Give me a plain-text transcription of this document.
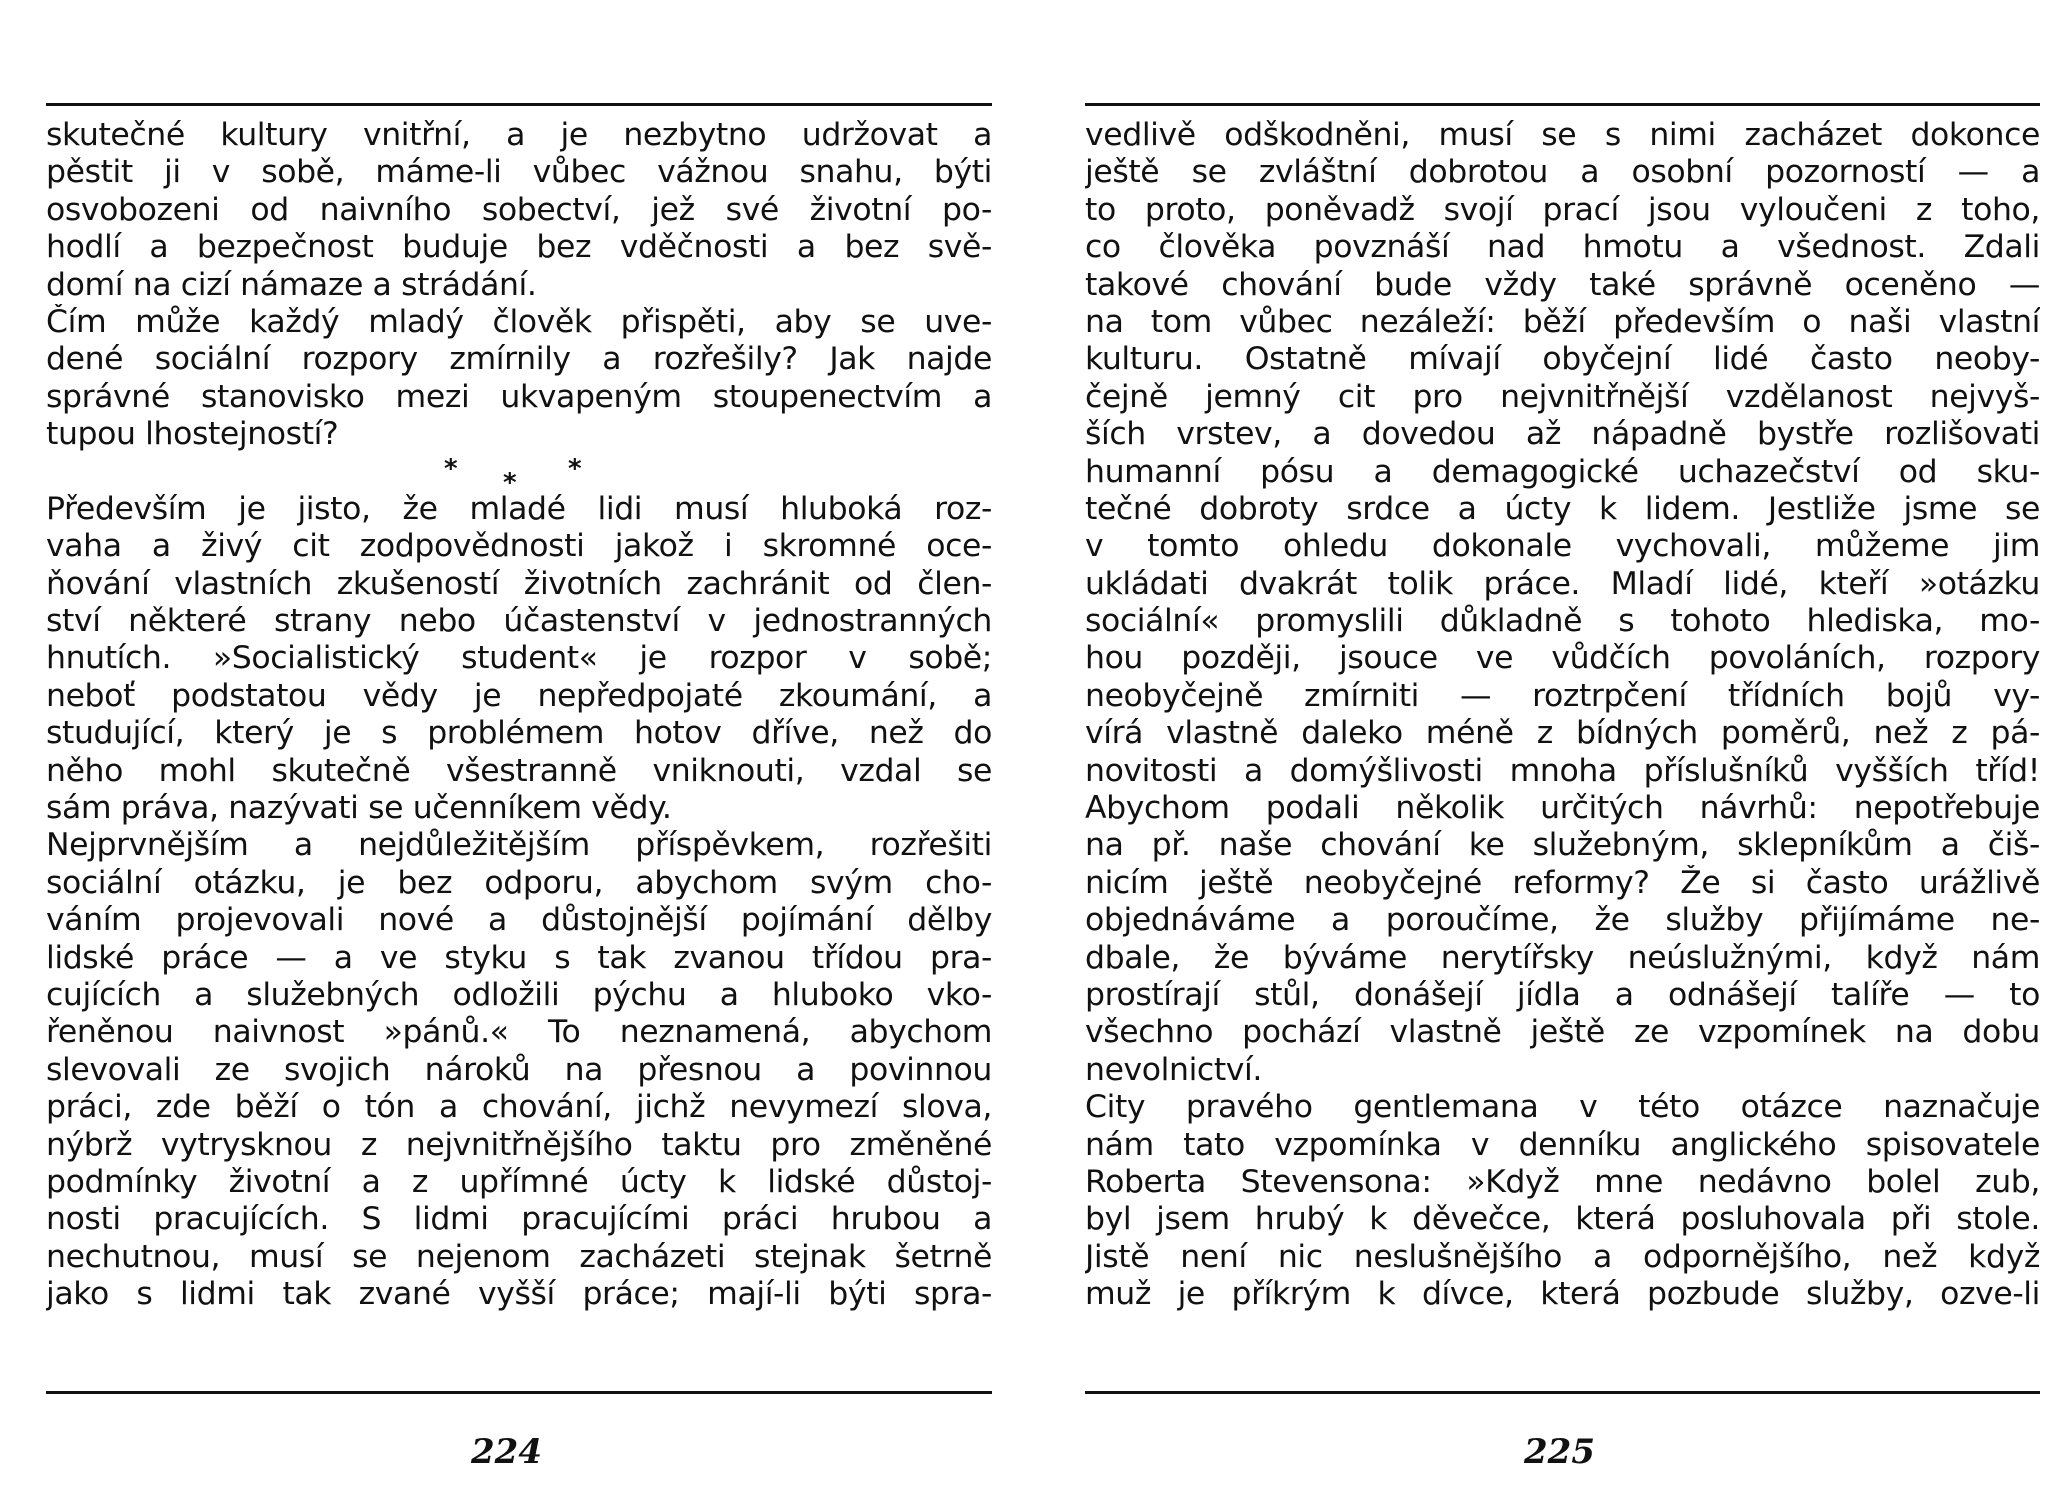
skutečné kultury vnitřní, a je nezbytno udržovat a
pěstit ji v sobě, máme-li vůbec vážnou snahu, býti
osvobozeni od naivního sobectví, jež své životní po-
hodlí a bezpečnost buduje bez vděčnosti a bez svě-
domí na cizí námaze a strádání.
Čím může každý mladý člověk přispěti, aby se uve-
dené sociální rozpory zmírnily a rozřešily? Jak najde
správné stanovisko mezi ukvapeným stoupenectvím a
tupou lhostejností?
* * *
Především je jisto, že mladé lidi musí hluboká roz-
vaha a živý cit zodpovědnosti jakož i skromné oce-
ňování vlastních zkušeností životních zachránit od člen-
ství některé strany nebo účastenství v jednostranných
hnutích. »Socialistický student« je rozpor v sobě;
neboť podstatou vědy je nepředpojaté zkoumání, a
studující, který je s problémem hotov dříve, než do
něho mohl skutečně všestranně vniknouti, vzdal se
sám práva, nazývati se učenníkem vědy.
Nejprvnějším a nejdůležitějším příspěvkem, rozřešiti
sociální otázku, je bez odporu, abychom svým cho-
váním projevovali nové a důstojnější pojímání dělby
lidské práce — a ve styku s tak zvanou třídou pra-
cujících a služebných odložili pýchu a hluboko vko-
řeněnou naivnost »pánů.« To neznamená, abychom
slevovali ze svojich nároků na přesnou a povinnou
práci, zde běží o tón a chování, jichž nevymezí slova,
nýbrž vytrysknou z nejvnitřnějšího taktu pro změněné
podmínky životní a z upřímné úcty k lidské důstoj-
nosti pracujících. S lidmi pracujícími práci hrubou a
nechutnou, musí se nejenom zacházeti stejnak šetrně
jako s lidmi tak zvané vyšší práce; mají-li býti spra-
224
vedlivě odškodněni, musí se s nimi zacházet dokonce
ještě se zvláštní dobrotou a osobní pozorností — a
to proto, poněvadž svojí prací jsou vyloučeni z toho,
co člověka povznáší nad hmotu a všednost. Zdali
takové chování bude vždy také správně oceněno —
na tom vůbec nezáleží: běží především o naši vlastní
kulturu. Ostatně mívají obyčejní lidé často neoby-
čejně jemný cit pro nejvnitřnější vzdělanost nejvyš-
ších vrstev, a dovedou až nápadně bystře rozlišovati
humanní pósu a demagogické uchazečství od sku-
tečné dobroty srdce a úcty k lidem. Jestliže jsme se
v tomto ohledu dokonale vychovali, můžeme jim
ukládati dvakrát tolik práce. Mladí lidé, kteří »otázku
sociální« promyslili důkladně s tohoto hlediska, mo-
hou později, jsouce ve vůdčích povoláních, rozpory
neobyčejně zmírniti — roztrpčení třídních bojů vy-
vírá vlastně daleko méně z bídných poměrů, než z pá-
novitosti a domýšlivosti mnoha příslušníků vyšších tříd!
Abychom podali několik určitých návrhů: nepotřebuje
na př. naše chování ke služebným, sklepníkům a čiš-
nicím ještě neobyčejné reformy? Že si často urážlivě
objednáváme a poroučíme, že služby přijímáme ne-
dbale, že býváme nerytířsky neúslužnými, když nám
prostírají stůl, donášejí jídla a odnášejí talíře — to
všechno pochází vlastně ještě ze vzpomínek na dobu
nevolnictví.
City pravého gentlemana v této otázce naznačuje
nám tato vzpomínka v denníku anglického spisovatele
Roberta Stevensona: »Když mne nedávno bolel zub,
byl jsem hrubý k děvečce, která posluhovala při stole.
Jistě není nic neslušnějšího a odpornějšího, než když
muž je příkrým k dívce, která pozbude služby, ozve-li
225
